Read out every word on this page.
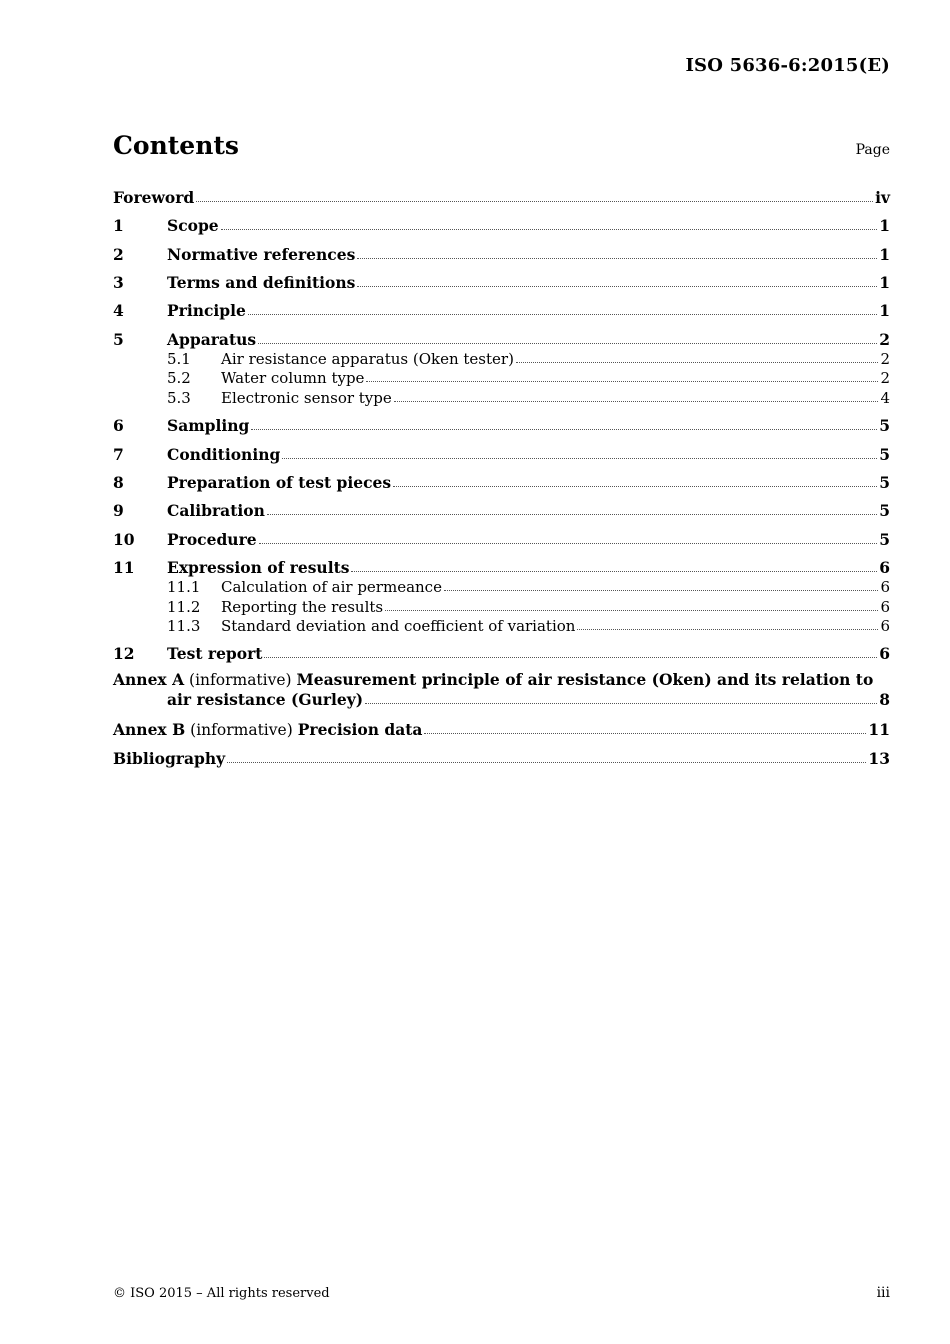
ISO 5636-6:2015(E)
Contents	Page
Foreword	iv
1	Scope	1
2	Normative references	1
3	Terms and definitions	1
4	Principle	1
5	Apparatus	2
5.1	Air resistance apparatus (Oken tester)	2
5.2	Water column type	2
5.3	Electronic sensor type	4
6	Sampling	5
7	Conditioning	5
8	Preparation of test pieces	5
9	Calibration	5
10	Procedure	5
11	Expression of results	6
11.1	Calculation of air permeance	6
11.2	Reporting the results	6
11.3	Standard deviation and coefficient of variation	6
12	Test report	6
Annex A (informative) Measurement principle of air resistance (Oken) and its relation to
air resistance (Gurley)	8
Annex B (informative) Precision data	11
Bibliography	13
© ISO 2015 – All rights reserved	iii
